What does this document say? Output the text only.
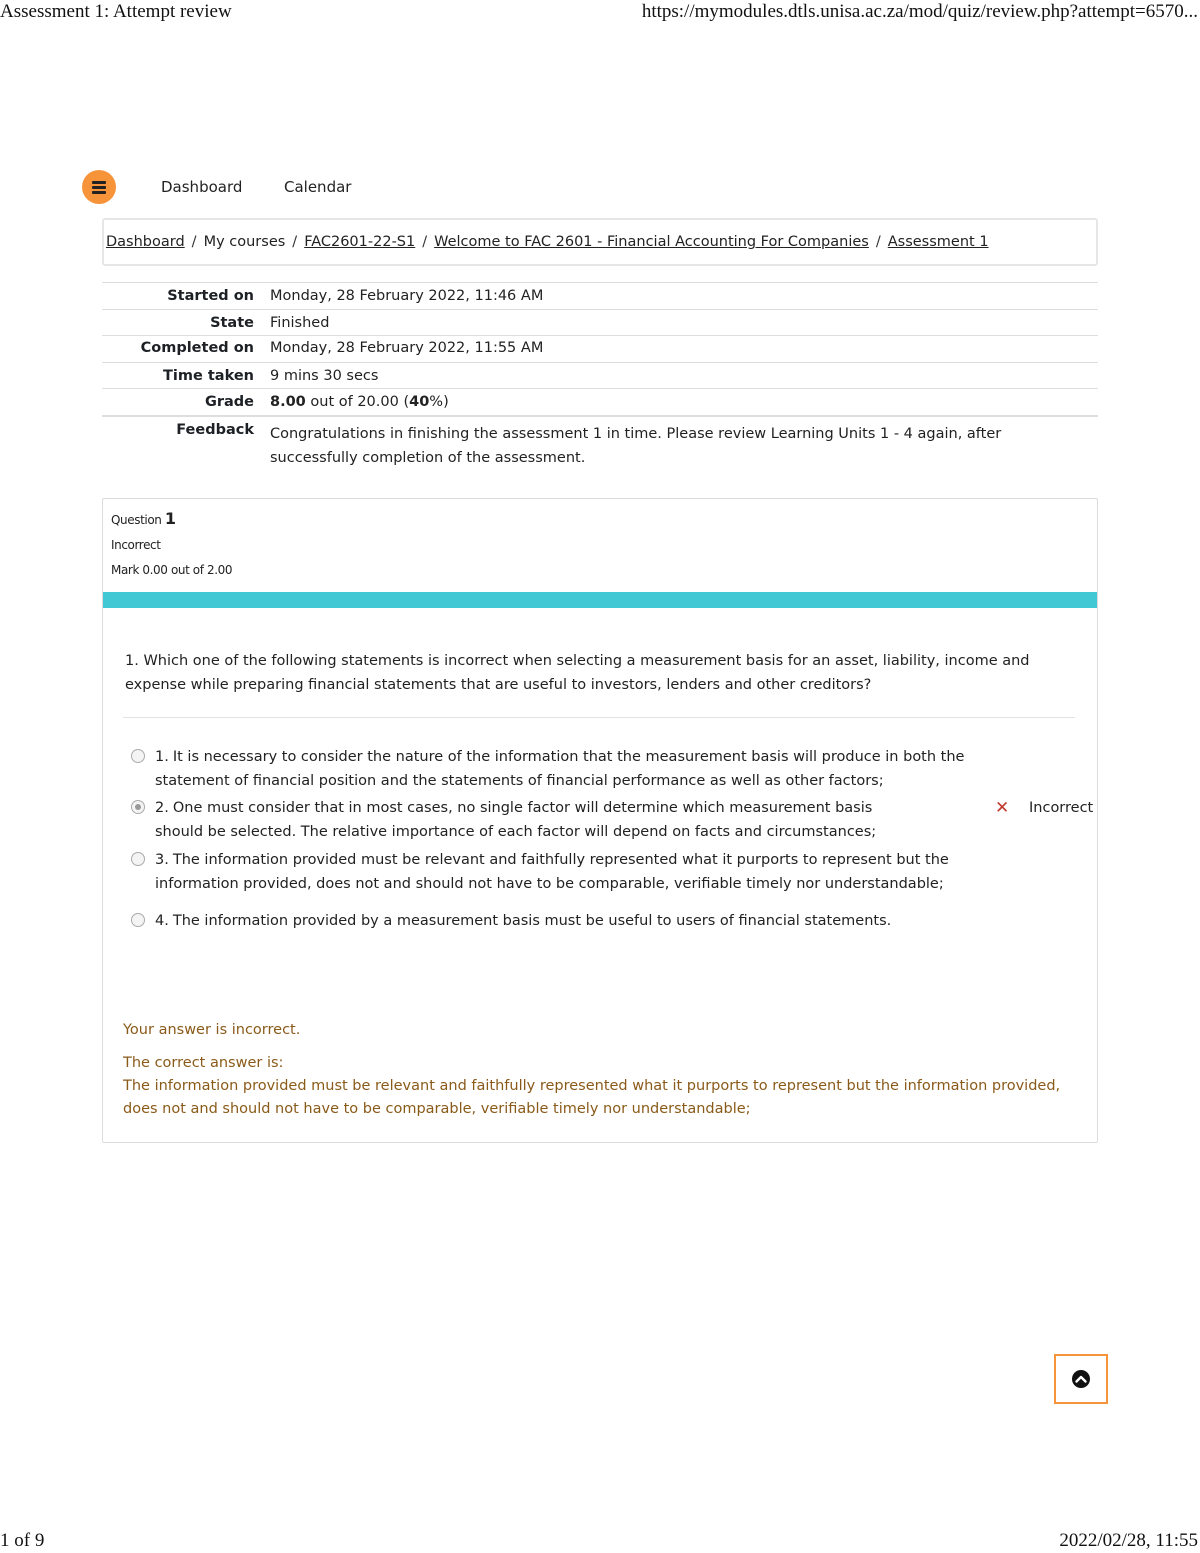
Assessment 1: Attempt review	https://mymodules.dtls.unisa.ac.za/mod/quiz/review.php?attempt=6570...
Dashboard	Calendar
Dashboard / My courses / FAC2601-22-S1 / Welcome to FAC 2601 - Financial Accounting For Companies / Assessment 1
Started on	Monday, 28 February 2022, 11:46 AM
State	Finished
Completed on	Monday, 28 February 2022, 11:55 AM
Time taken	9 mins 30 secs
Grade	8.00 out of 20.00 (40%)
Feedback	Congratulations in finishing the assessment 1 in time. Please review Learning Units 1 - 4 again, after successfully completion of the assessment.
Question 1
Incorrect
Mark 0.00 out of 2.00
1. Which one of the following statements is incorrect when selecting a measurement basis for an asset, liability, income and expense while preparing financial statements that are useful to investors, lenders and other creditors?
1. It is necessary to consider the nature of the information that the measurement basis will produce in both the statement of financial position and the statements of financial performance as well as other factors;
2. One must consider that in most cases, no single factor will determine which measurement basis should be selected. The relative importance of each factor will depend on facts and circumstances;
✕ Incorrect
3. The information provided must be relevant and faithfully represented what it purports to represent but the information provided, does not and should not have to be comparable, verifiable timely nor understandable;
4. The information provided by a measurement basis must be useful to users of financial statements.

Your answer is incorrect.

The correct answer is:

The information provided must be relevant and faithfully represented what it purports to represent but the information provided, does not and should not have to be comparable, verifiable timely nor understandable;

1 of 9	2022/02/28, 11:55
